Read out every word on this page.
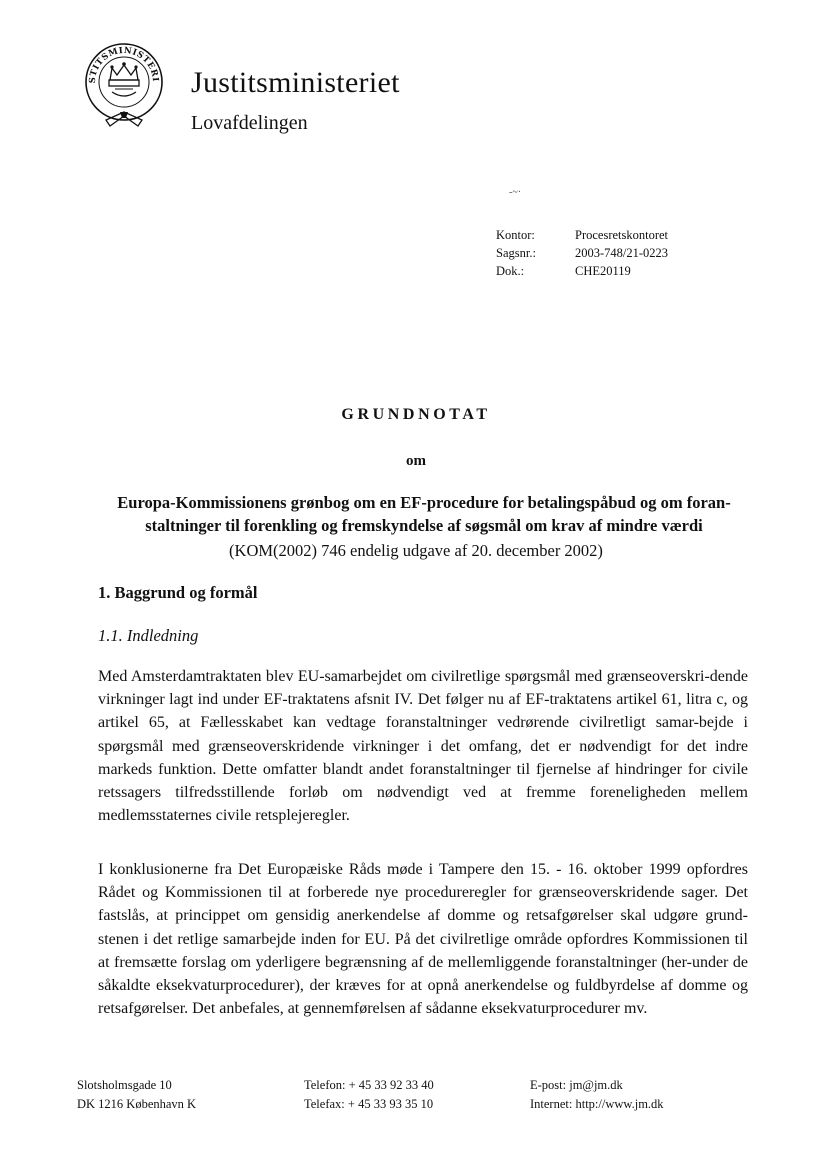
STITSMINISTERI Justitsministeriet
Lovafdelingen
-~·
Kontor:	Procesretskontoret
Sagsnr.:	2003-748/21-0223
Dok.:	CHE20119
GRUNDNOTAT
om
Europa-Kommissionens grønbog om en EF-procedure for betalingspåbud og om foran-
staltninger til forenkling og fremskyndelse af søgsmål om krav af mindre værdi
(KOM(2002) 746 endelig udgave af 20. december 2002)
1. Baggrund og formål
1.1. Indledning
Med Amsterdamtraktaten blev EU-samarbejdet om civilretlige spørgsmål med grænseoverskri-dende virkninger lagt ind under EF-traktatens afsnit IV. Det følger nu af EF-traktatens artikel 61, litra c, og artikel 65, at Fællesskabet kan vedtage foranstaltninger vedrørende civilretligt samar-bejde i spørgsmål med grænseoverskridende virkninger i det omfang, det er nødvendigt for det indre markeds funktion. Dette omfatter blandt andet foranstaltninger til fjernelse af hindringer for civile retssagers tilfredsstillende forløb om nødvendigt ved at fremme foreneligheden mellem medlemsstaternes civile retsplejeregler.
I konklusionerne fra Det Europæiske Råds møde i Tampere den 15. - 16. oktober 1999 opfordres Rådet og Kommissionen til at forberede nye procedureregler for grænseoverskridende sager. Det fastslås, at princippet om gensidig anerkendelse af domme og retsafgørelser skal udgøre grund-stenen i det retlige samarbejde inden for EU. På det civilretlige område opfordres Kommissionen til at fremsætte forslag om yderligere begrænsning af de mellemliggende foranstaltninger (her-under de såkaldte eksekvaturprocedurer), der kræves for at opnå anerkendelse og fuldbyrdelse af domme og retsafgørelser. Det anbefales, at gennemførelsen af sådanne eksekvaturprocedurer mv.
Slotsholmsgade 10
DK 1216 København K
Telefon: + 45 33 92 33 40
Telefax: + 45 33 93 35 10
E-post: jm@jm.dk
Internet: http://www.jm.dk
